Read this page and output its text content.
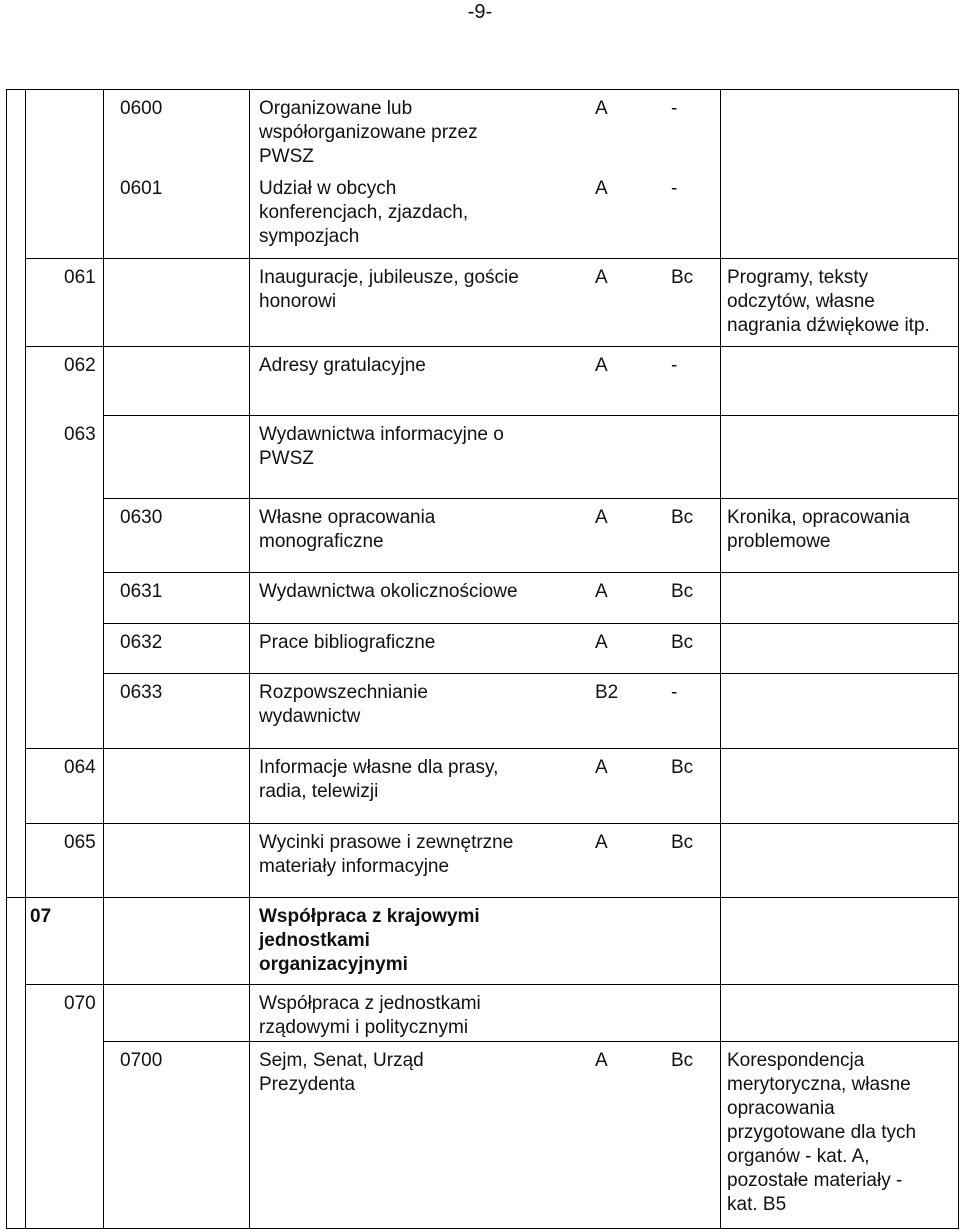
-9-
0600	Organizowane lub
współorganizowane przez
PWSZ
A	-
0601	Udział w obcych
konferencjach, zjazdach,
sympozjach
A	-
061	Inauguracje, jubileusze, goście
honorowi
A	Bc	Programy, teksty
odczytów, własne
nagrania dźwiękowe itp.
062	Adresy gratulacyjne	A	-
063	Wydawnictwa informacyjne o
PWSZ
0630	Własne opracowania
monograficzne
A	Bc	Kronika, opracowania
problemowe
0631	Wydawnictwa okolicznościowe	A	Bc
0632	Prace bibliograficzne	A	Bc
0633	Rozpowszechnianie
wydawnictw
B2	-
064	Informacje własne dla prasy,
radia, telewizji
A	Bc
065	Wycinki prasowe i zewnętrzne
materiały informacyjne
A	Bc
07	Współpraca z krajowymi
jednostkami
organizacyjnymi
070	Współpraca z jednostkami
rządowymi i politycznymi
0700	Sejm, Senat, Urząd
Prezydenta
A	Bc	Korespondencja
merytoryczna, własne
opracowania
przygotowane dla tych
organów - kat. A,
pozostałe materiały -
kat. B5
